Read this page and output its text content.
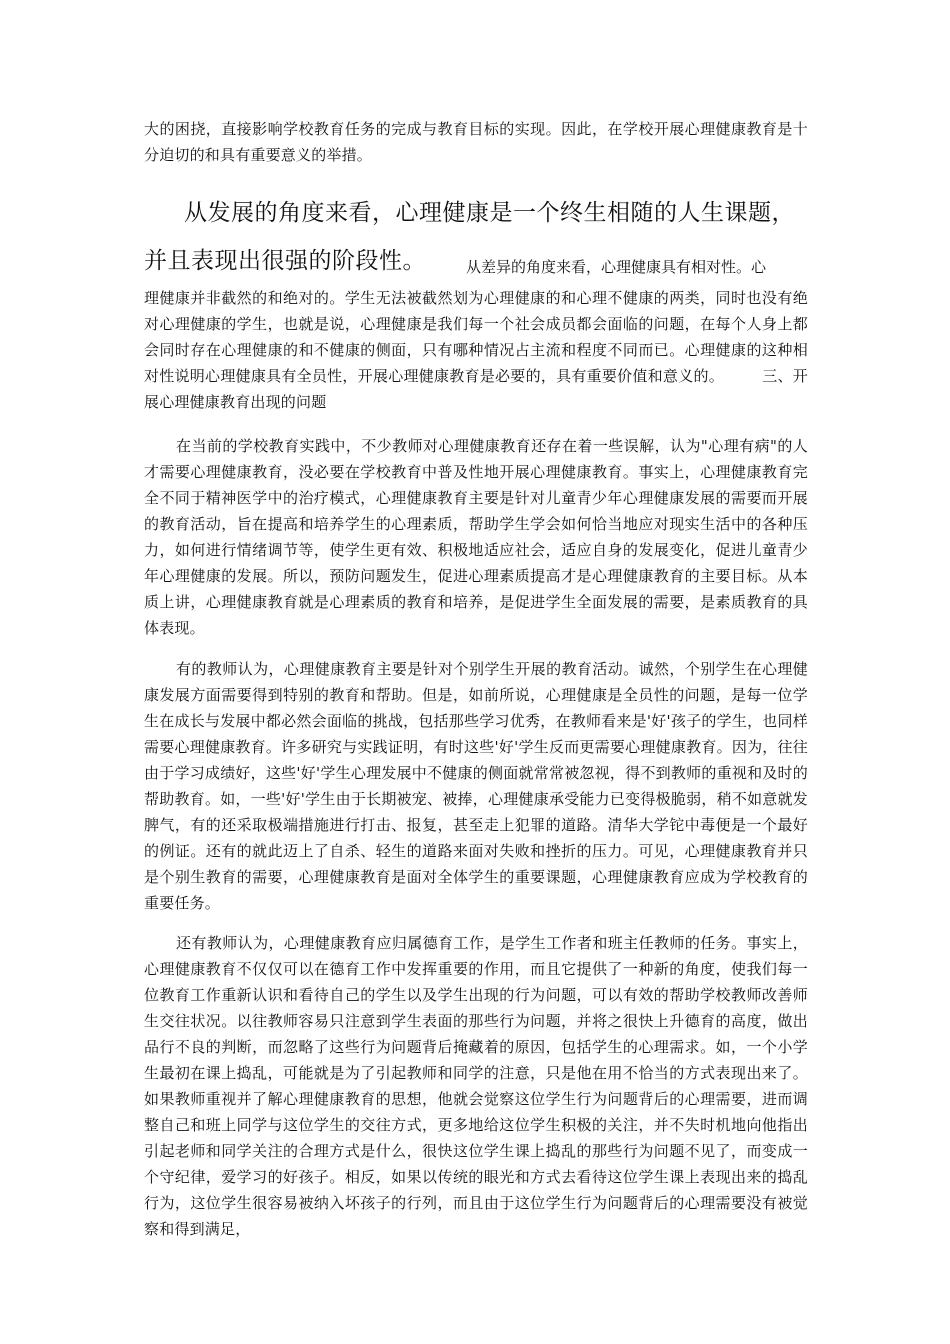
大的困挠，直接影响学校教育任务的完成与教育目标的实现。因此，在学校开展心理健康教育是十分迫切的和具有重要意义的举措。

从发展的角度来看，心理健康是一个终生相随的人生课题，

并且表现出很强的阶段性。	从差异的角度来看，心理健康具有相对性。心

理健康并非截然的和绝对的。学生无法被截然划为心理健康的和心理不健康的两类，同时也没有绝对心理健康的学生，也就是说，心理健康是我们每一个社会成员都会面临的问题，在每个人身上都会同时存在心理健康的和不健康的侧面，只有哪种情况占主流和程度不同而已。心理健康的这种相对性说明心理健康具有全员性，开展心理健康教育是必要的，具有重要价值和意义的。　　　三、开展心理健康教育出现的问题

在当前的学校教育实践中，不少教师对心理健康教育还存在着一些误解，认为"心理有病"的人才需要心理健康教育，没必要在学校教育中普及性地开展心理健康教育。事实上，心理健康教育完全不同于精神医学中的治疗模式，心理健康教育主要是针对儿童青少年心理健康发展的需要而开展的教育活动，旨在提高和培养学生的心理素质，帮助学生学会如何恰当地应对现实生活中的各种压力，如何进行情绪调节等，使学生更有效、积极地适应社会，适应自身的发展变化，促进儿童青少年心理健康的发展。所以，预防问题发生，促进心理素质提高才是心理健康教育的主要目标。从本质上讲，心理健康教育就是心理素质的教育和培养，是促进学生全面发展的需要，是素质教育的具体表现。

有的教师认为，心理健康教育主要是针对个别学生开展的教育活动。诚然，个别学生在心理健康发展方面需要得到特别的教育和帮助。但是，如前所说，心理健康是全员性的问题，是每一位学生在成长与发展中都必然会面临的挑战，包括那些学习优秀，在教师看来是'好'孩子的学生，也同样需要心理健康教育。许多研究与实践证明，有时这些'好'学生反而更需要心理健康教育。因为，往往由于学习成绩好，这些'好'学生心理发展中不健康的侧面就常常被忽视，得不到教师的重视和及时的帮助教育。如，一些'好'学生由于长期被宠、被捧，心理健康承受能力已变得极脆弱，稍不如意就发脾气，有的还采取极端措施进行打击、报复，甚至走上犯罪的道路。清华大学铊中毒便是一个最好的例证。还有的就此迈上了自杀、轻生的道路来面对失败和挫折的压力。可见，心理健康教育并只是个别生教育的需要，心理健康教育是面对全体学生的重要课题，心理健康教育应成为学校教育的重要任务。

还有教师认为，心理健康教育应归属德育工作，是学生工作者和班主任教师的任务。事实上，心理健康教育不仅仅可以在德育工作中发挥重要的作用，而且它提供了一种新的角度，使我们每一位教育工作重新认识和看待自己的学生以及学生出现的行为问题，可以有效的帮助学校教师改善师生交往状况。以往教师容易只注意到学生表面的那些行为问题，并将之很快上升德育的高度，做出品行不良的判断，而忽略了这些行为问题背后掩藏着的原因，包括学生的心理需求。如，一个小学生最初在课上捣乱，可能就是为了引起教师和同学的注意，只是他在用不恰当的方式表现出来了。如果教师重视并了解心理健康教育的思想，他就会觉察这位学生行为问题背后的心理需要，进而调整自己和班上同学与这位学生的交往方式，更多地给这位学生积极的关注，并不失时机地向他指出引起老师和同学关注的合理方式是什么，很快这位学生课上捣乱的那些行为问题不见了，而变成一个守纪律，爱学习的好孩子。相反，如果以传统的眼光和方式去看待这位学生课上表现出来的捣乱行为，这位学生很容易被纳入坏孩子的行列，而且由于这位学生行为问题背后的心理需要没有被觉察和得到满足，
